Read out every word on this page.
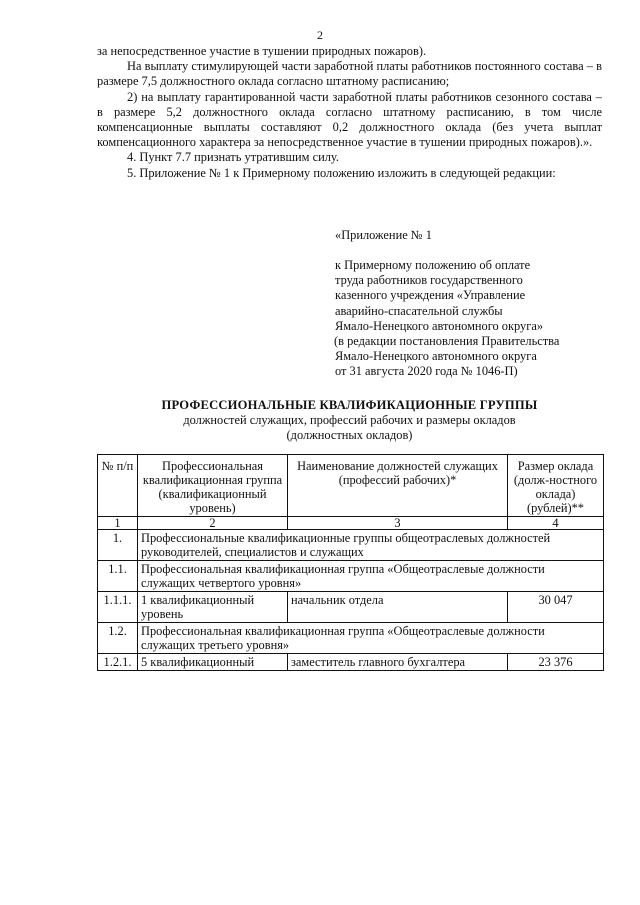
2

за непосредственное участие в тушении природных пожаров).

На выплату стимулирующей части заработной платы работников постоянного состава – в размере 7,5 должностного оклада согласно штатному расписанию;

2) на выплату гарантированной части заработной платы работников сезонного состава – в размере 5,2 должностного оклада согласно штатному расписанию, в том числе компенсационные выплаты составляют 0,2 должностного оклада (без учета выплат компенсационного характера за непосредственное участие в тушении природных пожаров).».

4. Пункт 7.7 признать утратившим силу.

5. Приложение № 1 к Примерному положению изложить в следующей редакции:

«Приложение № 1
к Примерному положению об оплате
труда работников государственного
казенного учреждения «Управление
аварийно-спасательной службы
Ямало-Ненецкого автономного округа»
(в редакции постановления Правительства
Ямало-Ненецкого автономного округа
от 31 августа 2020 года № 1046-П)
ПРОФЕССИОНАЛЬНЫЕ КВАЛИФИКАЦИОННЫЕ ГРУППЫ
должностей служащих, профессий рабочих и размеры окладов
(должностных окладов)
№ п/п	Профессиональная квалификационная группа (квалификационный уровень)	Наименование должностей служащих (профессий рабочих)*	Размер оклада (долж-ностного оклада) (рублей)**
1	2	3	4
1.	Профессиональные квалификационные группы общеотраслевых должностей руководителей, специалистов и служащих		
1.1.	Профессиональная квалификационная группа «Общеотраслевые должности служащих четвертого уровня»		
1.1.1.	1 квалификационный уровень	начальник отдела	30 047
1.2.	Профессиональная квалификационная группа «Общеотраслевые должности служащих третьего уровня»		
1.2.1.	5 квалификационный	заместитель главного бухгалтера	23 376
